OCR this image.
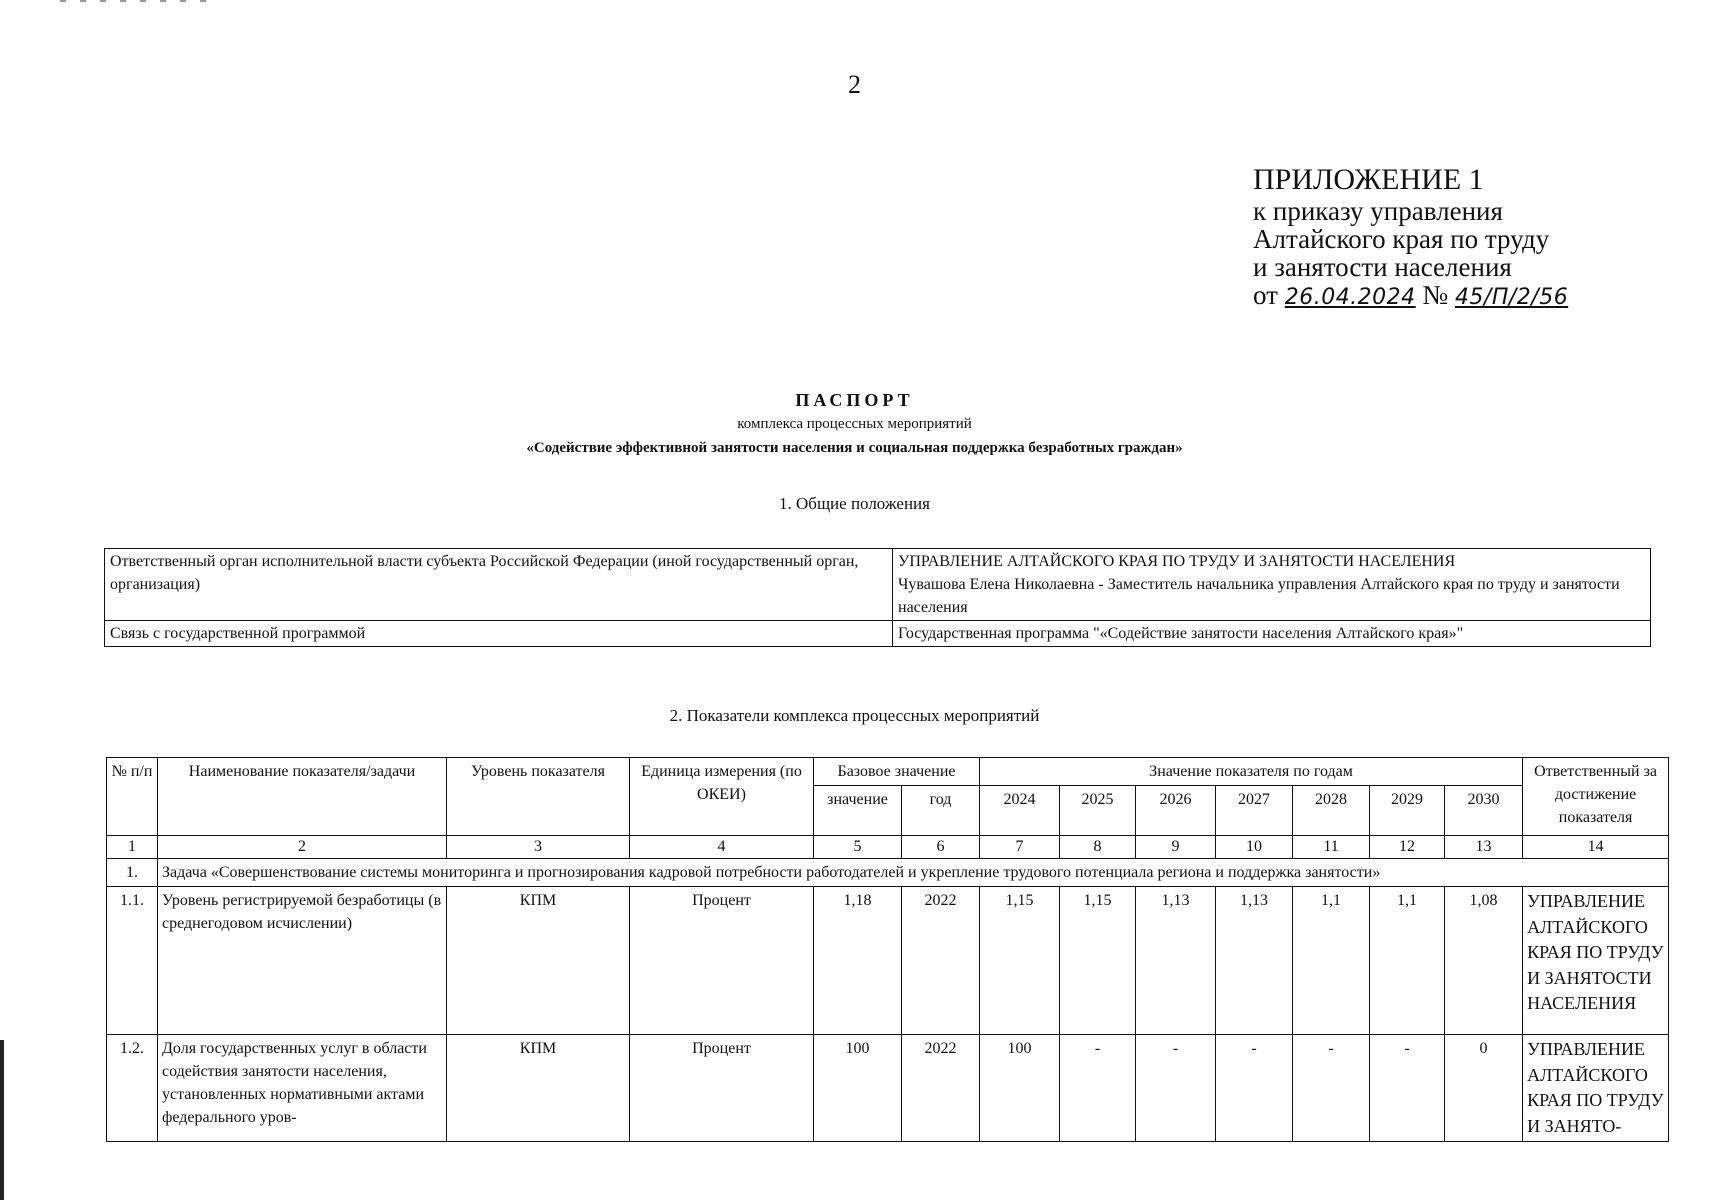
2
ПРИЛОЖЕНИЕ 1
к приказу управления
Алтайского края по труду
и занятости населения
от 26.04.2024 № 45/П/2/56
ПАСПОРТ
комплекса процессных мероприятий
«Содействие эффективной занятости населения и социальная поддержка безработных граждан»
1. Общие положения
Ответственный орган исполнительной власти субъекта Российской Федерации (иной государственный орган, организация)	УПРАВЛЕНИЕ АЛТАЙСКОГО КРАЯ ПО ТРУДУ И ЗАНЯТОСТИ НАСЕЛЕНИЯ
Чувашова Елена Николаевна - Заместитель начальника управления Алтайского края по труду и занятости населения

Связь с государственной программой	Государственная программа "«Содействие занятости населения Алтайского края»"
2. Показатели комплекса процессных мероприятий
№ п/п	Наименование показателя/задачи	Уровень показателя	Единица измерения (по ОКЕИ)	Базовое значение		Значение показателя по годам							Ответственный за достижение показателя
				значение	год	2024	2025	2026	2027	2028	2029	2030	
1	2	3	4	5	6	7	8	9	10	11	12	13	14
1.	Задача «Совершенствование системы мониторинга и прогнозирования кадровой потребности работодателей и укрепление трудового потенциала региона и поддержка занятости»												
1.1.	Уровень регистрируемой безработицы (в среднегодовом исчислении)	КПМ	Процент	1,18	2022	1,15	1,15	1,13	1,13	1,1	1,1	1,08	УПРАВЛЕНИЕ АЛТАЙСКОГО КРАЯ ПО ТРУДУ И ЗАНЯТОСТИ НАСЕЛЕНИЯ
1.2.	Доля государственных услуг в области содействия занятости населения, установленных нормативными актами федерального уров-	КПМ	Процент	100	2022	100	-	-	-	-	-	0	УПРАВЛЕНИЕ АЛТАЙСКОГО КРАЯ ПО ТРУДУ И ЗАНЯТО-
